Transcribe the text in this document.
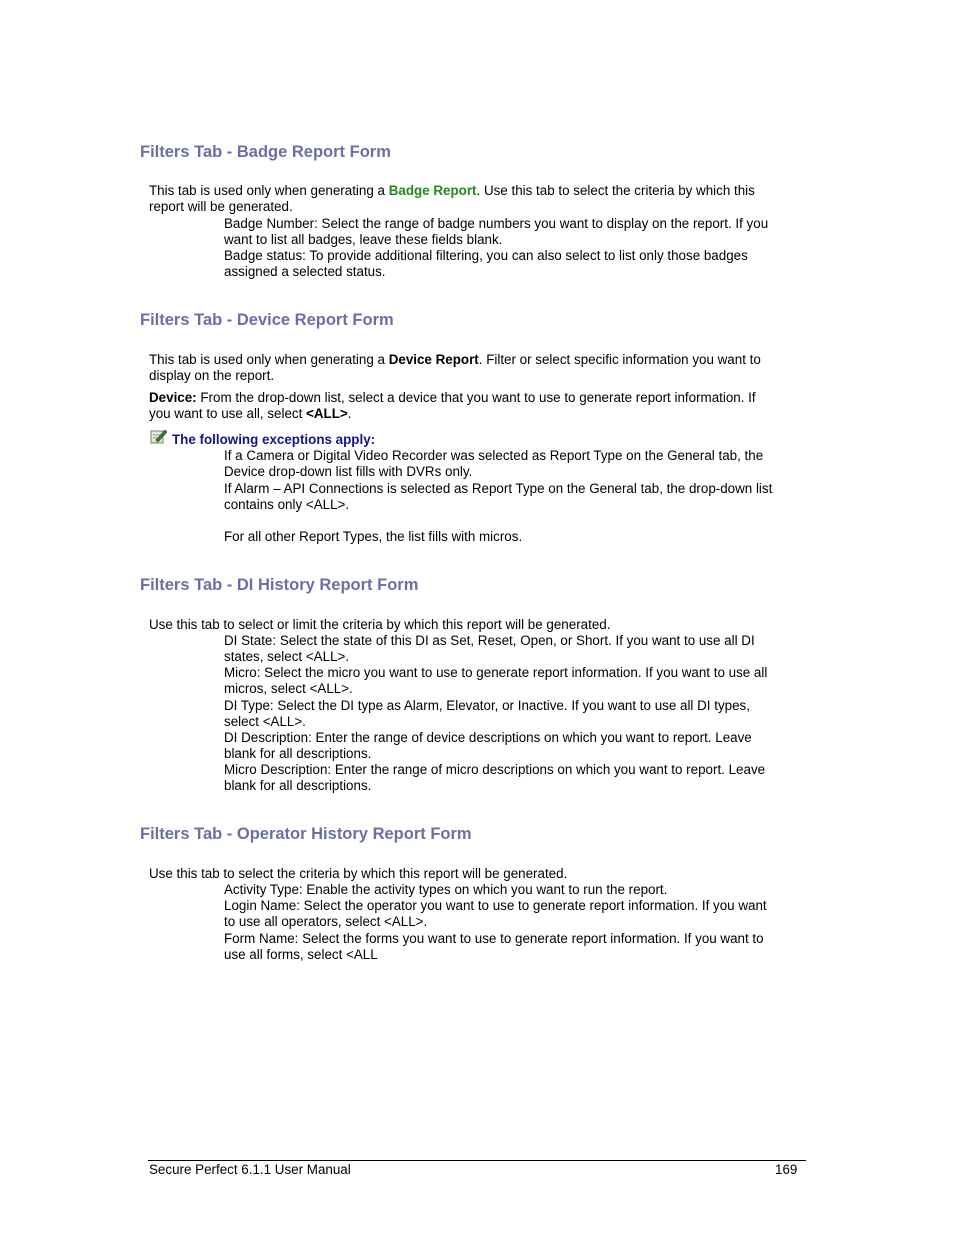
Filters Tab - Badge Report Form
This tab is used only when generating a Badge Report. Use this tab to select the criteria by which this
report will be generated.
Badge Number: Select the range of badge numbers you want to display on the report. If you
want to list all badges, leave these fields blank.
Badge status: To provide additional filtering, you can also select to list only those badges
assigned a selected status.
Filters Tab - Device Report Form
This tab is used only when generating a Device Report. Filter or select specific information you want to
display on the report.
Device: From the drop-down list, select a device that you want to use to generate report information. If
you want to use all, select <ALL>.
The following exceptions apply:
If a Camera or Digital Video Recorder was selected as Report Type on the General tab, the
Device drop-down list fills with DVRs only.
If Alarm – API Connections is selected as Report Type on the General tab, the drop-down list
contains only <ALL>.
For all other Report Types, the list fills with micros.
Filters Tab - DI History Report Form
Use this tab to select or limit the criteria by which this report will be generated.
DI State: Select the state of this DI as Set, Reset, Open, or Short. If you want to use all DI
states, select <ALL>.
Micro: Select the micro you want to use to generate report information. If you want to use all
micros, select <ALL>.
DI Type: Select the DI type as Alarm, Elevator, or Inactive. If you want to use all DI types,
select <ALL>.
DI Description: Enter the range of device descriptions on which you want to report. Leave
blank for all descriptions.
Micro Description: Enter the range of micro descriptions on which you want to report. Leave
blank for all descriptions.
Filters Tab - Operator History Report Form
Use this tab to select the criteria by which this report will be generated.
Activity Type: Enable the activity types on which you want to run the report.
Login Name: Select the operator you want to use to generate report information. If you want
to use all operators, select <ALL>.
Form Name: Select the forms you want to use to generate report information. If you want to
use all forms, select <ALL
Secure Perfect 6.1.1 User Manual	169
